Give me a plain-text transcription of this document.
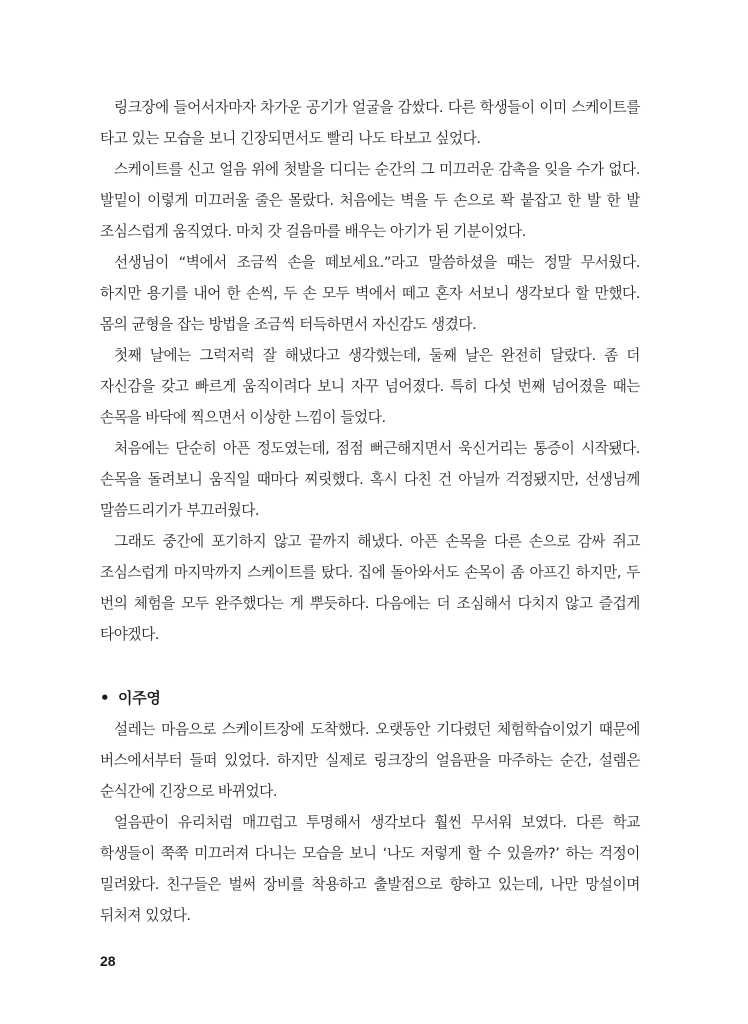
링크장에 들어서자마자 차가운 공기가 얼굴을 감쌌다. 다른 학생들이 이미 스케이트를 타고 있는 모습을 보니 긴장되면서도 빨리 나도 타보고 싶었다.

스케이트를 신고 얼음 위에 첫발을 디디는 순간의 그 미끄러운 감촉을 잊을 수가 없다. 발밑이 이렇게 미끄러울 줄은 몰랐다. 처음에는 벽을 두 손으로 꽉 붙잡고 한 발 한 발 조심스럽게 움직였다. 마치 갓 걸음마를 배우는 아기가 된 기분이었다.

선생님이 “벽에서 조금씩 손을 떼보세요.”라고 말씀하셨을 때는 정말 무서웠다. 하지만 용기를 내어 한 손씩, 두 손 모두 벽에서 떼고 혼자 서보니 생각보다 할 만했다. 몸의 균형을 잡는 방법을 조금씩 터득하면서 자신감도 생겼다.

첫째 날에는 그럭저럭 잘 해냈다고 생각했는데, 둘째 날은 완전히 달랐다. 좀 더 자신감을 갖고 빠르게 움직이려다 보니 자꾸 넘어졌다. 특히 다섯 번째 넘어졌을 때는 손목을 바닥에 찍으면서 이상한 느낌이 들었다.

처음에는 단순히 아픈 정도였는데, 점점 뻐근해지면서 욱신거리는 통증이 시작됐다. 손목을 돌려보니 움직일 때마다 찌릿했다. 혹시 다친 건 아닐까 걱정됐지만, 선생님께 말씀드리기가 부끄러웠다.

그래도 중간에 포기하지 않고 끝까지 해냈다. 아픈 손목을 다른 손으로 감싸 쥐고 조심스럽게 마지막까지 스케이트를 탔다. 집에 돌아와서도 손목이 좀 아프긴 하지만, 두 번의 체험을 모두 완주했다는 게 뿌듯하다. 다음에는 더 조심해서 다치지 않고 즐겁게 타야겠다.

• 이주영

설레는 마음으로 스케이트장에 도착했다. 오랫동안 기다렸던 체험학습이었기 때문에 버스에서부터 들떠 있었다. 하지만 실제로 링크장의 얼음판을 마주하는 순간, 설렘은 순식간에 긴장으로 바뀌었다.

얼음판이 유리처럼 매끄럽고 투명해서 생각보다 훨씬 무서워 보였다. 다른 학교 학생들이 쭉쭉 미끄러져 다니는 모습을 보니 ‘나도 저렇게 할 수 있을까?’ 하는 걱정이 밀려왔다. 친구들은 벌써 장비를 착용하고 출발점으로 향하고 있는데, 나만 망설이며 뒤처져 있었다.

28
